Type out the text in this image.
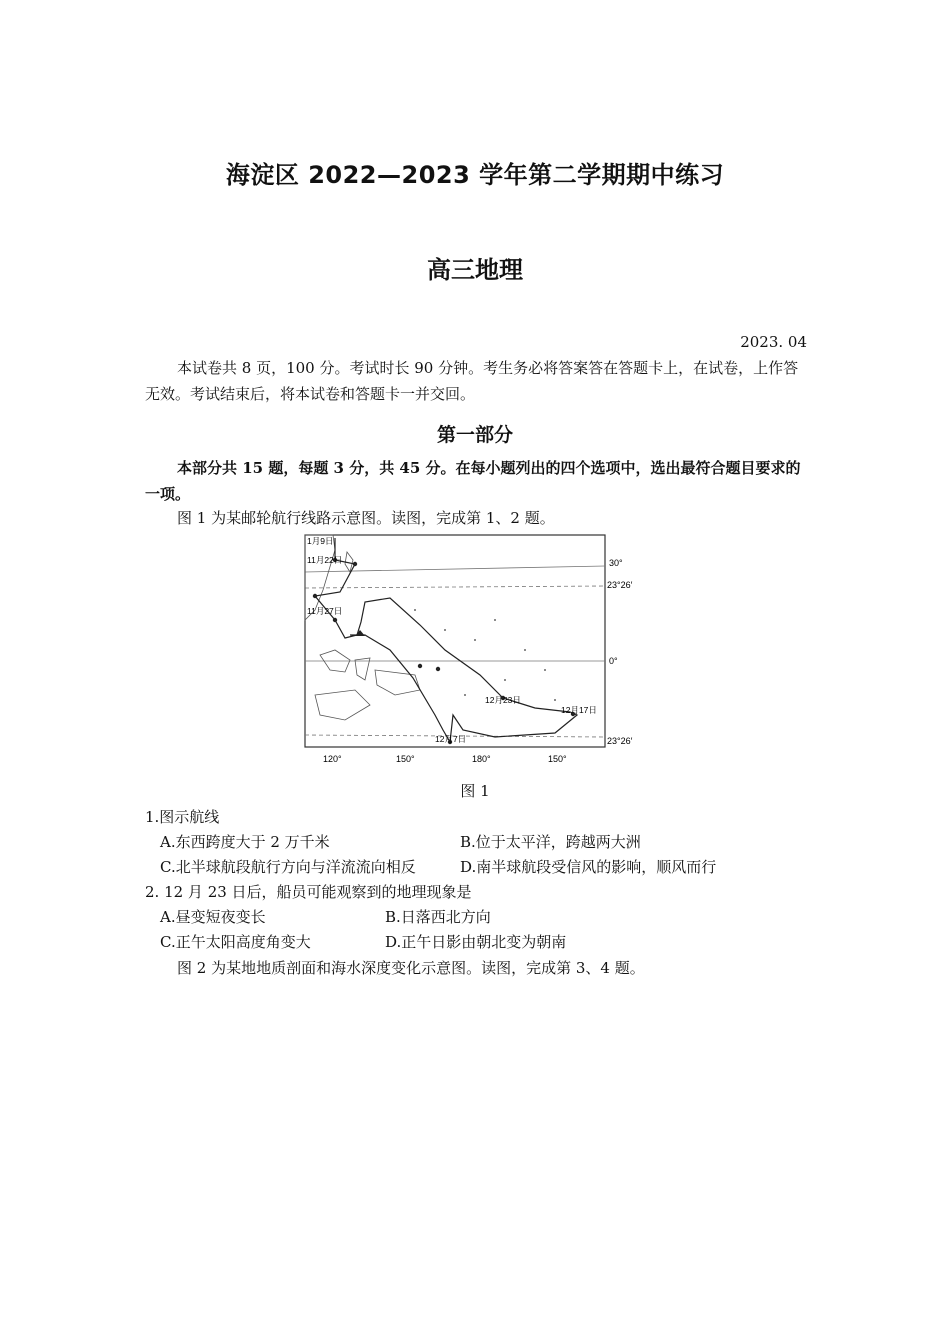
海淀区 2022—2023 学年第二学期期中练习
高三地理
2023. 04
本试卷共 8 页，100 分。考试时长 90 分钟。考生务必将答案答在答题卡上，在试卷，上作答无效。考试结束后，将本试卷和答题卡一并交回。
第一部分
本部分共 15 题，每题 3 分，共 45 分。在每小题列出的四个选项中，选出最符合题目要求的一项。
图 1 为某邮轮航行线路示意图。读图，完成第 1、2 题。
1月9日
11月22日
11月27日
12月23日
12月17日
12月7日
30°
23°26′
0°
23°26′
120°	150°	180°	150°
图 1
1.图示航线
A.东西跨度大于 2 万千米	B.位于太平洋，跨越两大洲
C.北半球航段航行方向与洋流流向相反	D.南半球航段受信风的影响，顺风而行
2. 12 月 23 日后，船员可能观察到的地理现象是
A.昼变短夜变长	B.日落西北方向
C.正午太阳高度角变大	D.正午日影由朝北变为朝南
图 2 为某地地质剖面和海水深度变化示意图。读图，完成第 3、4 题。
